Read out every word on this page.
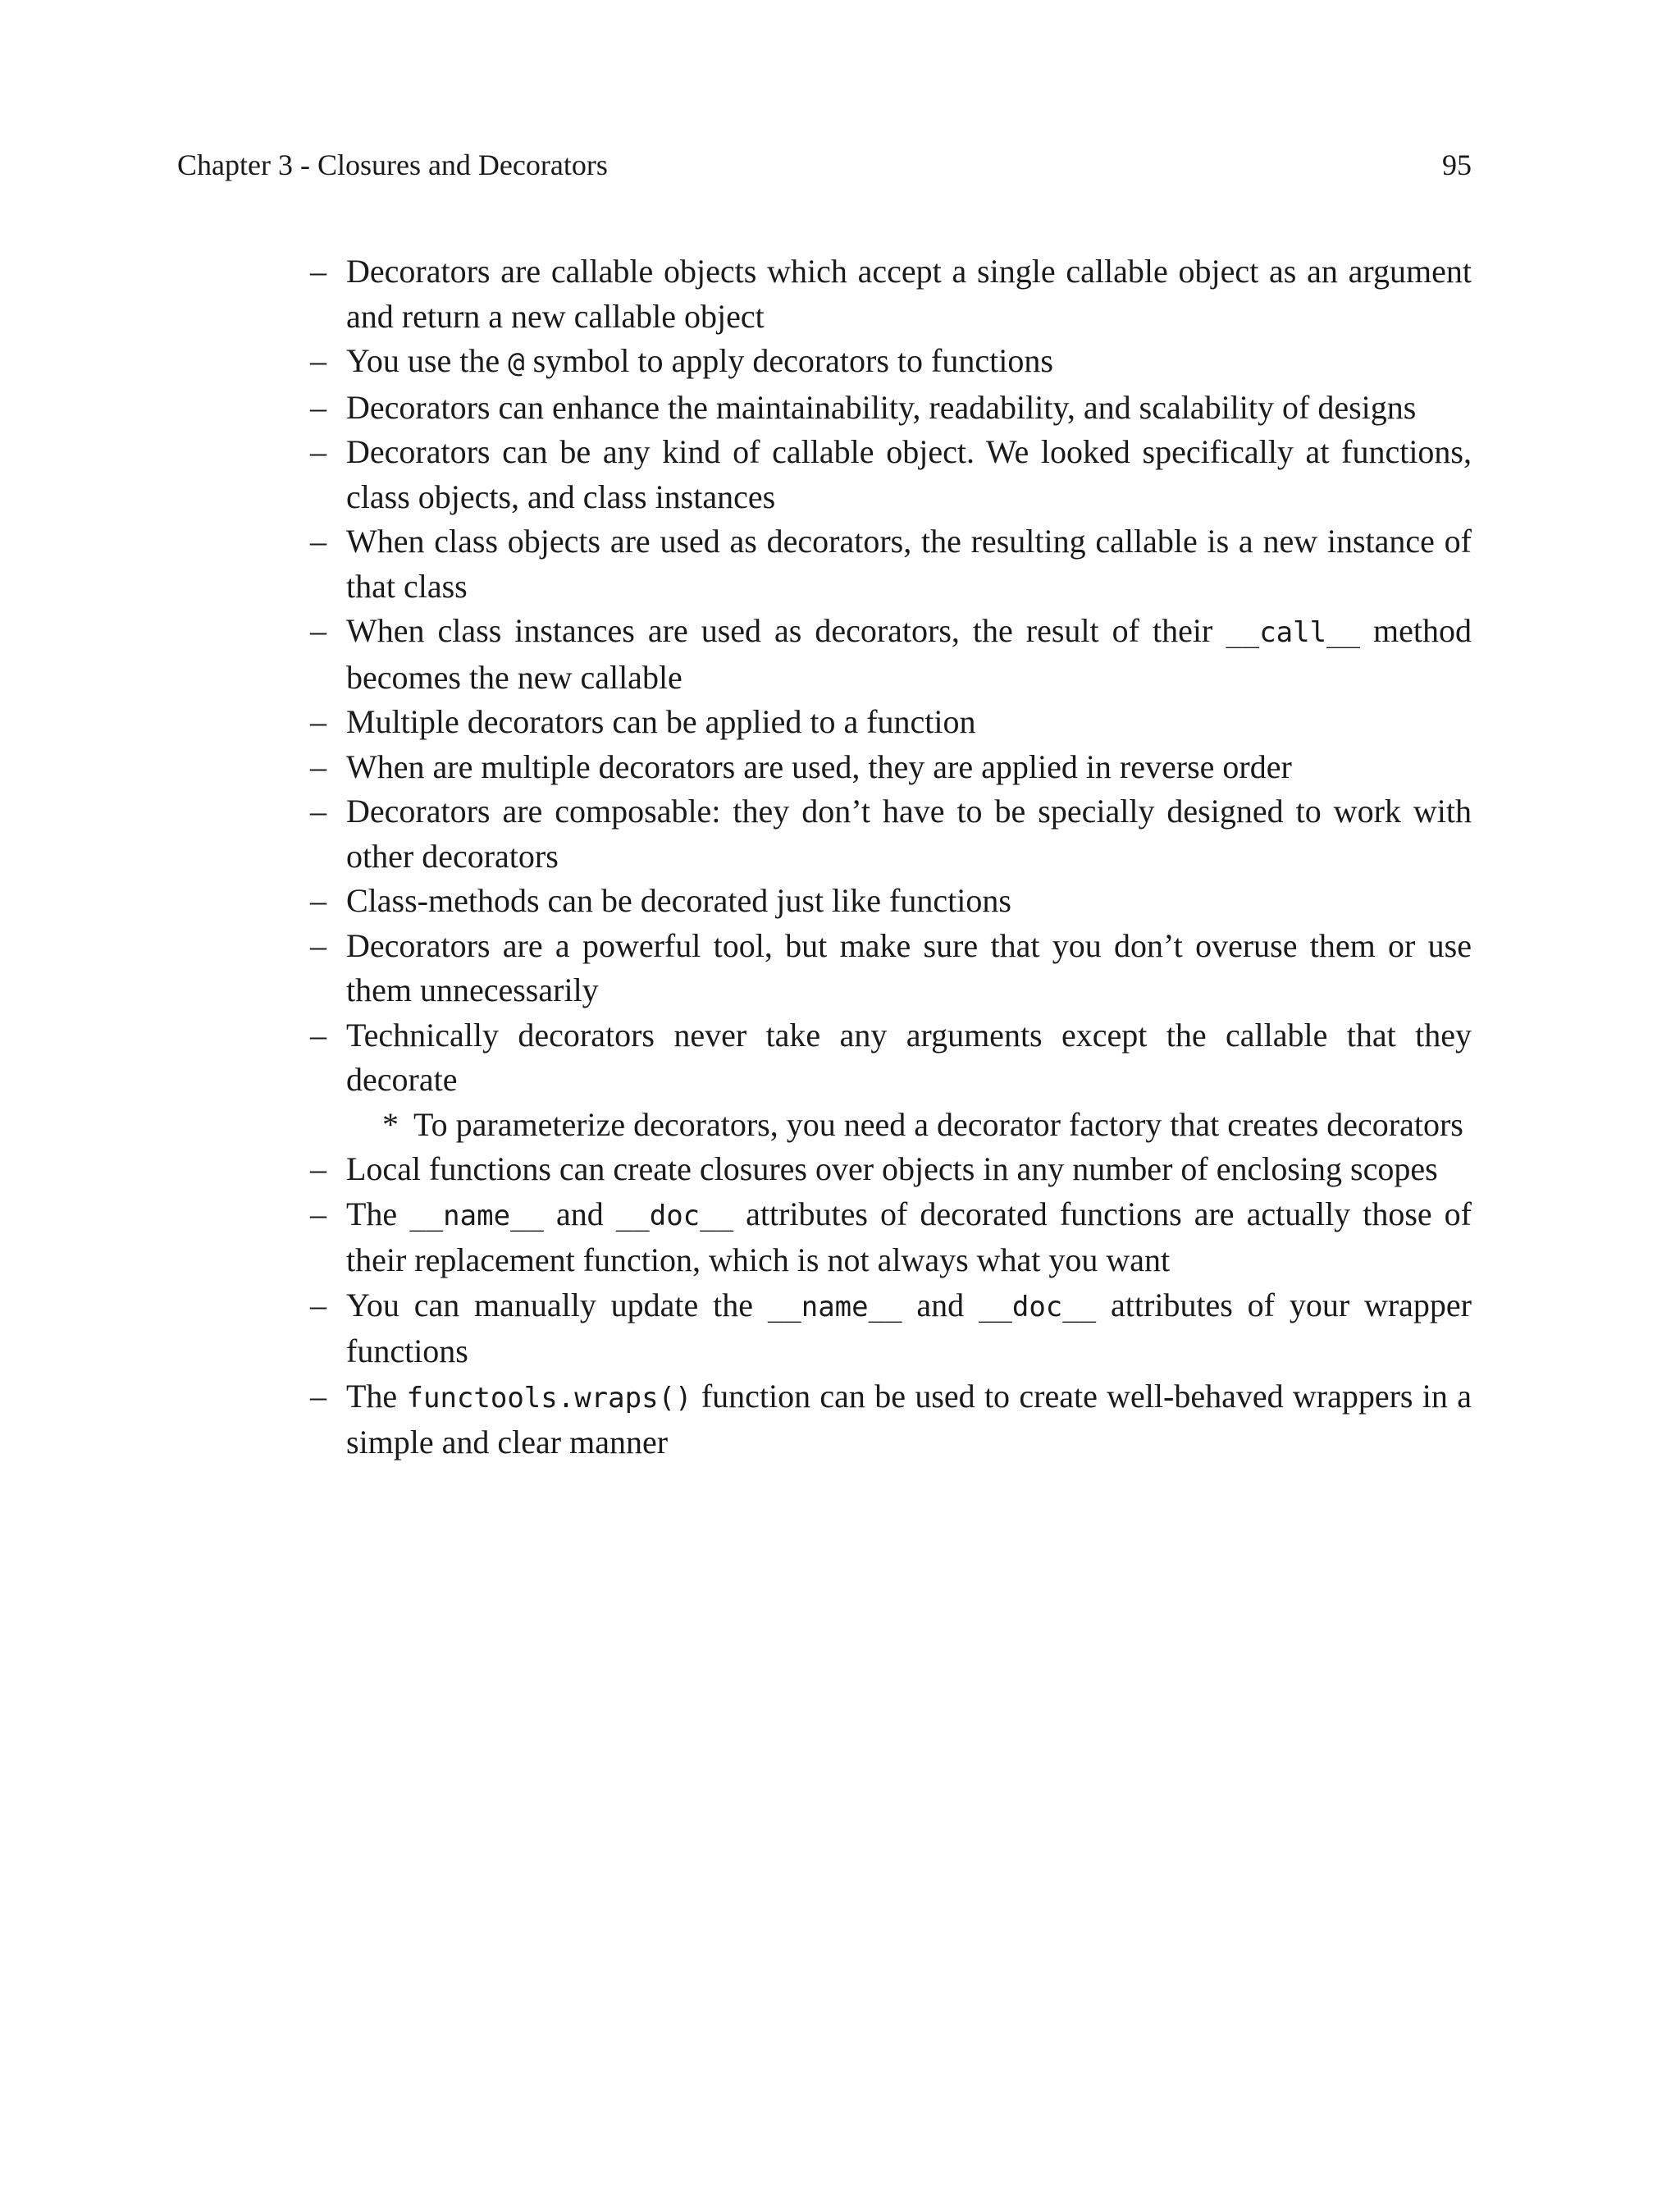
Chapter 3 - Closures and Decorators	95
– Decorators are callable objects which accept a single callable object as an argument and return a new callable object
– You use the @ symbol to apply decorators to functions
– Decorators can enhance the maintainability, readability, and scalability of designs
– Decorators can be any kind of callable object. We looked specifically at functions, class objects, and class instances
– When class objects are used as decorators, the resulting callable is a new instance of that class
– When class instances are used as decorators, the result of their __call__ method becomes the new callable
– Multiple decorators can be applied to a function
– When are multiple decorators are used, they are applied in reverse order
– Decorators are composable: they don’t have to be specially designed to work with other decorators
– Class-methods can be decorated just like functions
– Decorators are a powerful tool, but make sure that you don’t overuse them or use them unnecessarily
– Technically decorators never take any arguments except the callable that they decorate
* To parameterize decorators, you need a decorator factory that creates decorators
– Local functions can create closures over objects in any number of enclosing scopes
– The __name__ and __doc__ attributes of decorated functions are actually those of their replacement function, which is not always what you want
– You can manually update the __name__ and __doc__ attributes of your wrapper functions
– The functools.wraps() function can be used to create well-behaved wrappers in a simple and clear manner
